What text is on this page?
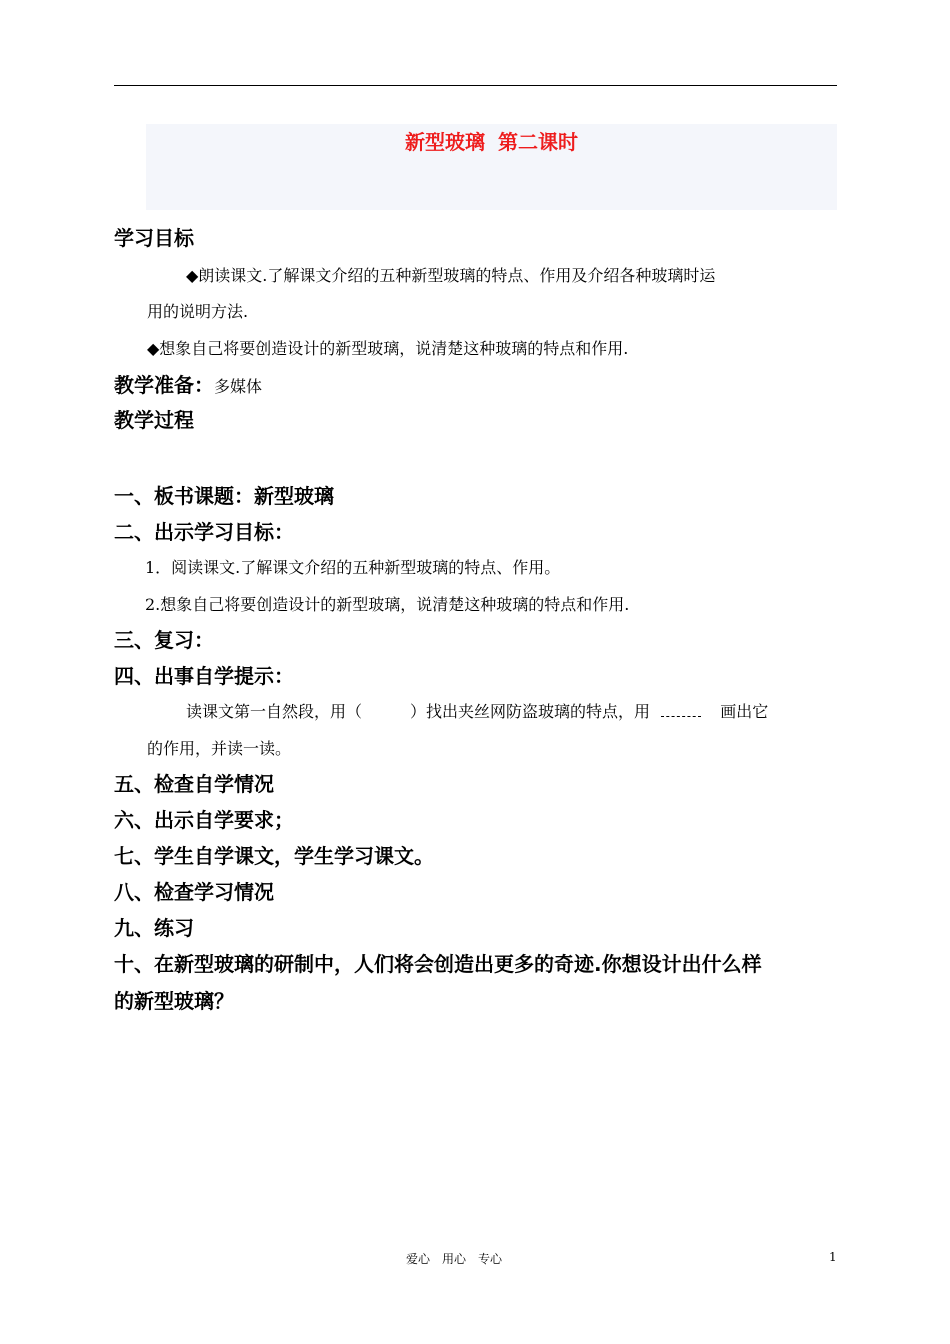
新型玻璃 第二课时
学习目标
◆朗读课文.了解课文介绍的五种新型玻璃的特点、作用及介绍各种玻璃时运
用的说明方法.
◆想象自己将要创造设计的新型玻璃，说清楚这种玻璃的特点和作用.
教学准备：多媒体
教学过程
一、板书课题：新型玻璃
二、出示学习目标：
1．阅读课文.了解课文介绍的五种新型玻璃的特点、作用。
2.想象自己将要创造设计的新型玻璃，说清楚这种玻璃的特点和作用.
三、复习：
四、出事自学提示：
读课文第一自然段，用（　　　）找出夹丝网防盗玻璃的特点，用	画出它
的作用，并读一读。
五、检查自学情况
六、出示自学要求；
七、学生自学课文，学生学习课文。
八、检查学习情况
九、练习
十、在新型玻璃的研制中，人们将会创造出更多的奇迹.你想设计出什么样
的新型玻璃？
爱心　用心　专心	1
